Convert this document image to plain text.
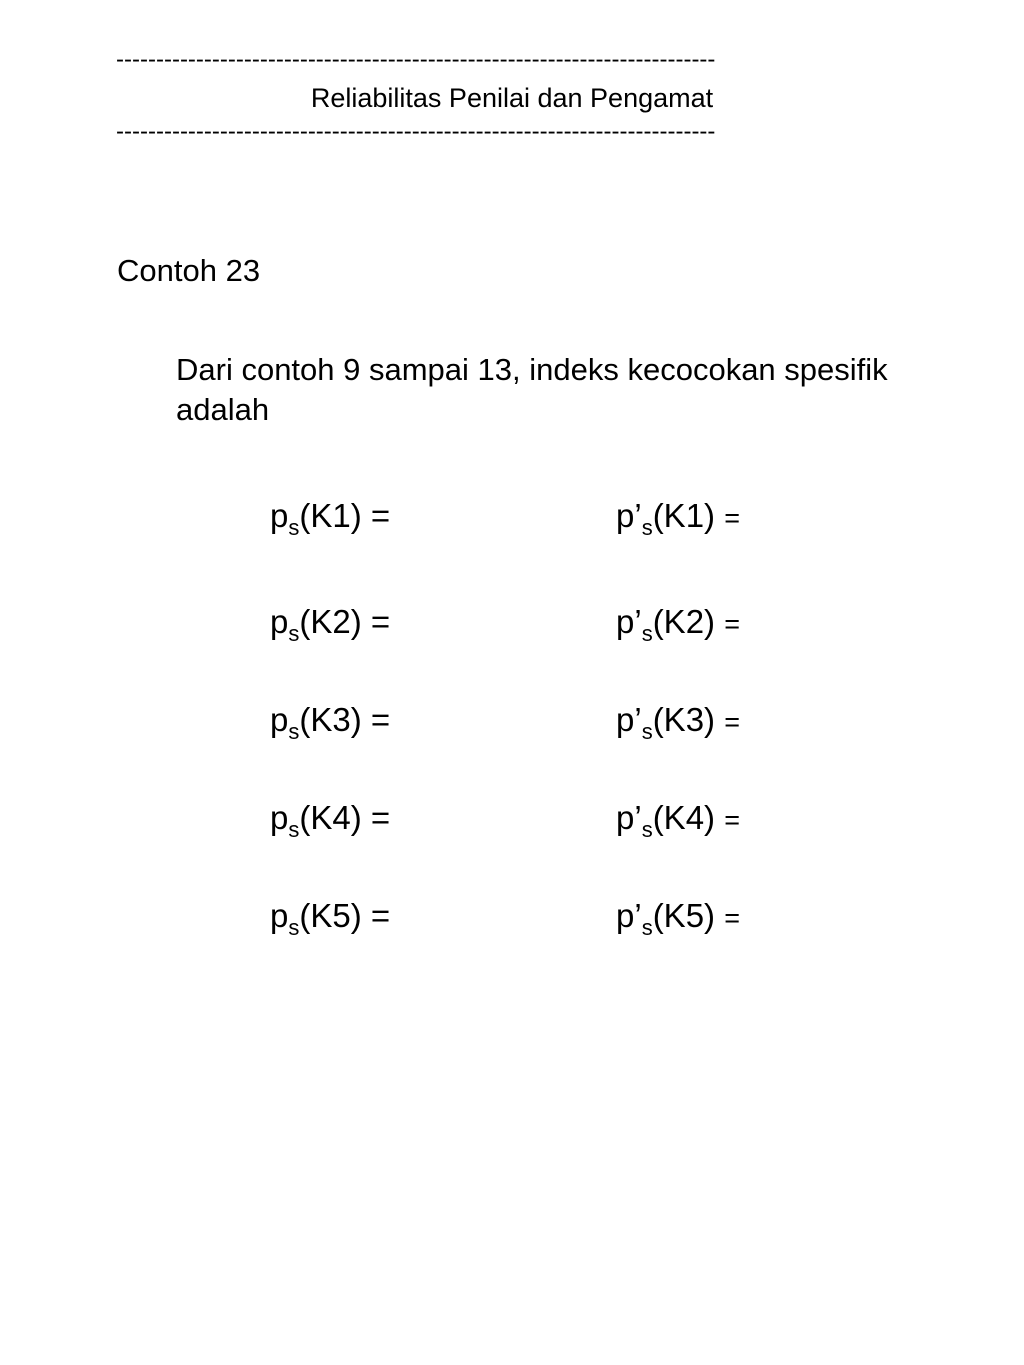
---------------------------------------------------------------------------
Reliabilitas Penilai dan Pengamat
---------------------------------------------------------------------------
Contoh 23
Dari contoh 9 sampai 13, indeks kecocokan spesifik
adalah
$p_s(K1)$ =	$p’_s(K1)$ =
$p_s(K2)$ =	$p’_s(K2)$ =
$p_s(K3)$ =	$p’_s(K3)$ =
$p_s(K4)$ =	$p’_s(K4)$ =
$p_s(K5)$ =	$p’_s(K5)$ =
